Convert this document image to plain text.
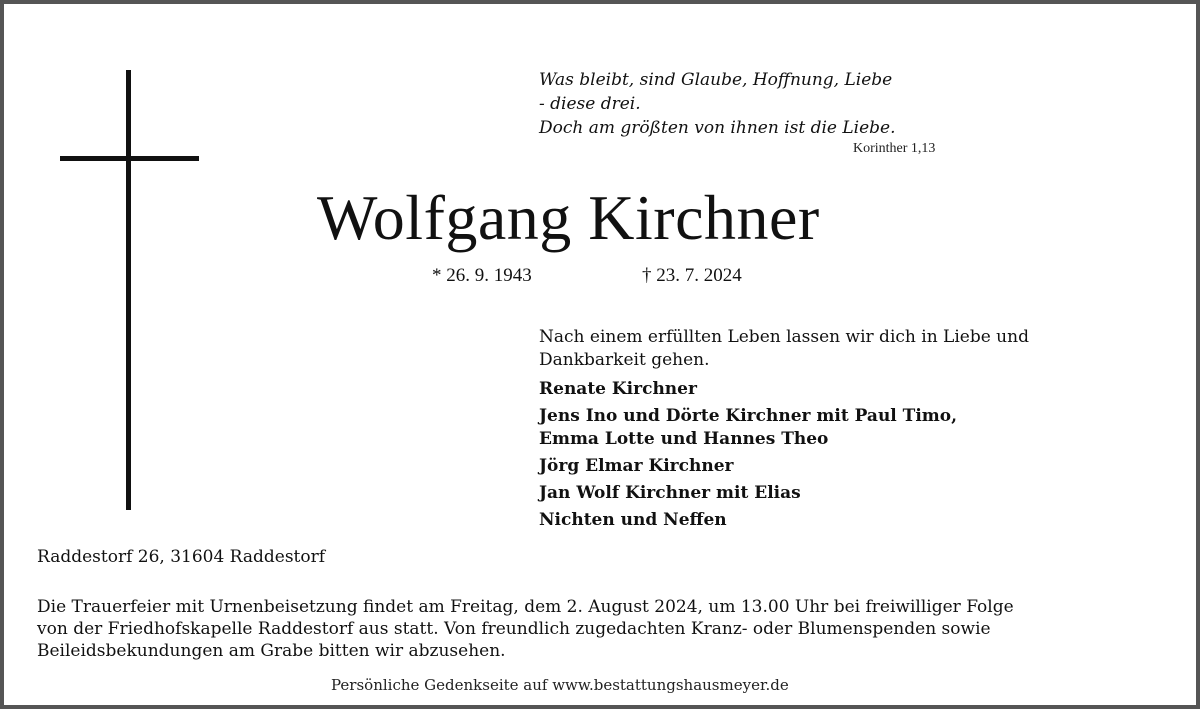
Was bleibt, sind Glaube, Hoffnung, Liebe
- diese drei.
Doch am größten von ihnen ist die Liebe.
Korinther 1,13
Wolfgang Kirchner
* 26. 9. 1943	† 23. 7. 2024
Nach einem erfüllten Leben lassen wir dich in Liebe und Dankbarkeit gehen.
Renate Kirchner
Jens Ino und Dörte Kirchner mit Paul Timo,
Emma Lotte und Hannes Theo
Jörg Elmar Kirchner
Jan Wolf Kirchner mit Elias
Nichten und Neffen
Raddestorf 26, 31604 Raddestorf
Die Trauerfeier mit Urnenbeisetzung findet am Freitag, dem 2. August 2024, um 13.00 Uhr bei freiwilliger Folge
von der Friedhofskapelle Raddestorf aus statt. Von freundlich zugedachten Kranz- oder Blumenspenden sowie
Beileidsbekundungen am Grabe bitten wir abzusehen.
Persönliche Gedenkseite auf www.bestattungshausmeyer.de
